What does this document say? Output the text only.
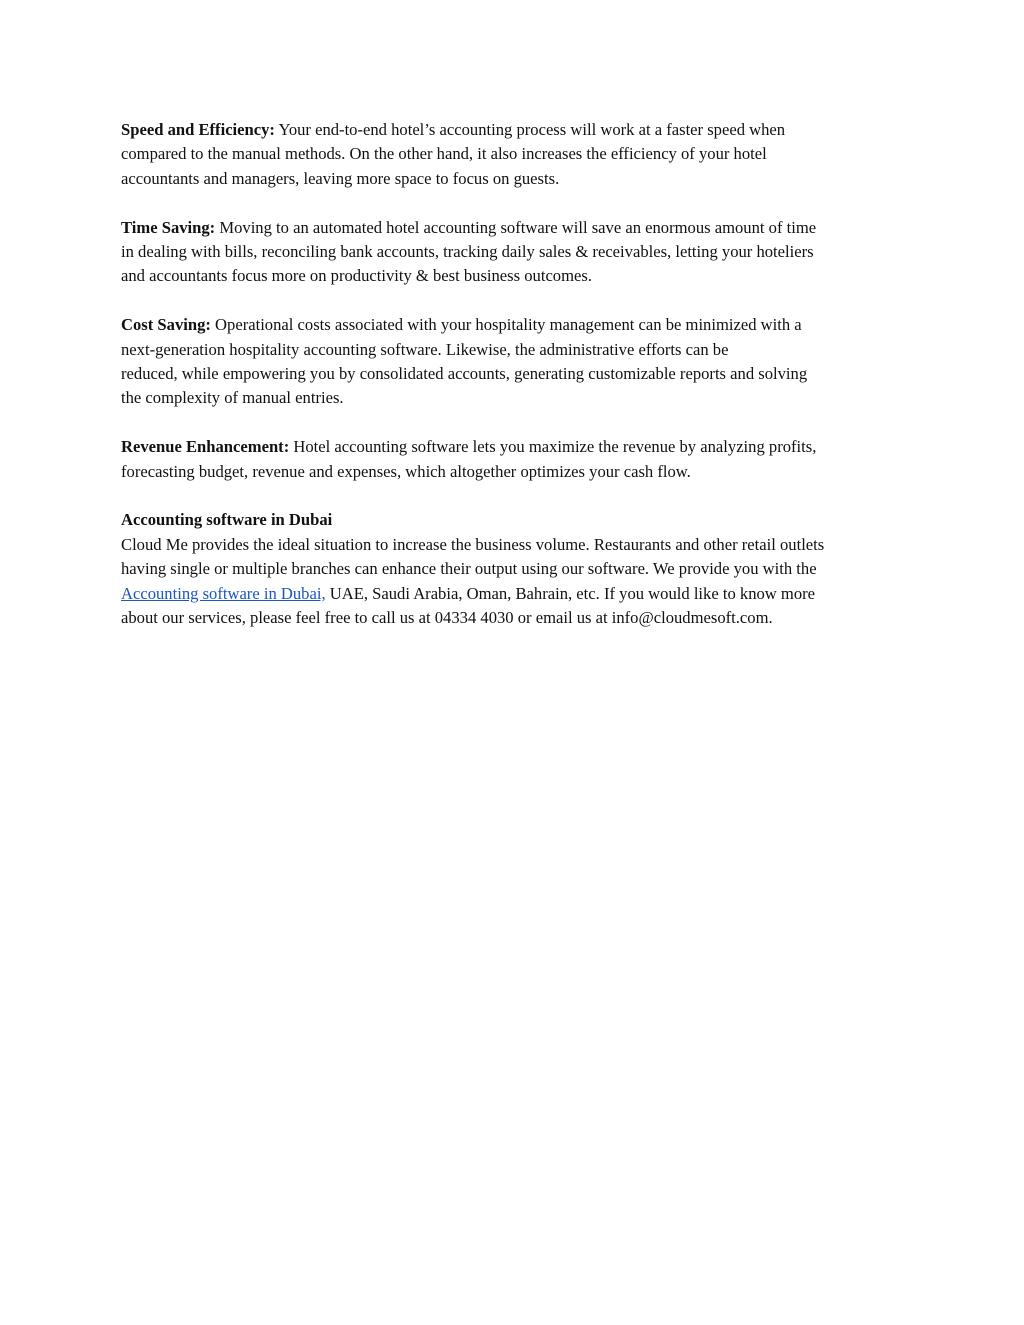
Speed and Efficiency: Your end-to-end hotel’s accounting process will work at a faster speed when
compared to the manual methods. On the other hand, it also increases the efficiency of your hotel
accountants and managers, leaving more space to focus on guests.

Time Saving: Moving to an automated hotel accounting software will save an enormous amount of time
in dealing with bills, reconciling bank accounts, tracking daily sales & receivables, letting your hoteliers
and accountants focus more on productivity & best business outcomes.

Cost Saving: Operational costs associated with your hospitality management can be minimized with a
next-generation hospitality accounting software. Likewise, the administrative efforts can be
reduced, while empowering you by consolidated accounts, generating customizable reports and solving
the complexity of manual entries.

Revenue Enhancement: Hotel accounting software lets you maximize the revenue by analyzing profits,
forecasting budget, revenue and expenses, which altogether optimizes your cash flow.

Accounting software in Dubai
Cloud Me provides the ideal situation to increase the business volume. Restaurants and other retail outlets
having single or multiple branches can enhance their output using our software. We provide you with the
Accounting software in Dubai, UAE, Saudi Arabia, Oman, Bahrain, etc. If you would like to know more
about our services, please feel free to call us at 04334 4030 or email us at info@cloudmesoft.com.
